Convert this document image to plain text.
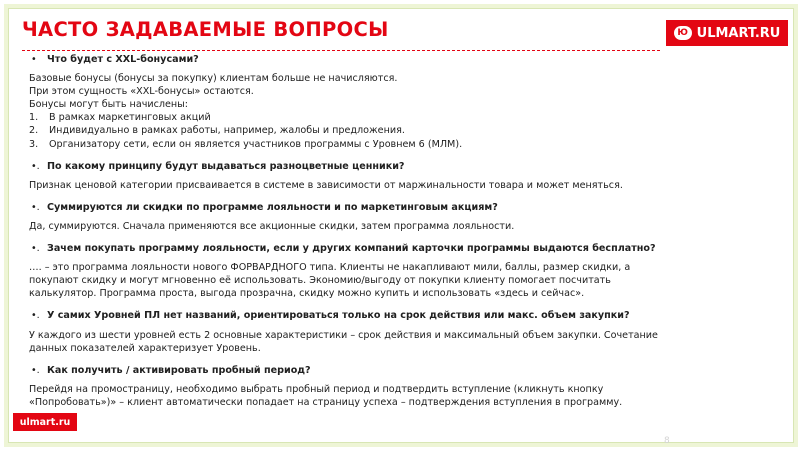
ЧАСТО ЗАДАВАЕМЫЕ ВОПРОСЫ	Ю ULMART.RU
• Что будет с XXL-бонусами?
Базовые бонусы (бонусы за покупку) клиентам больше не начисляются.
При этом сущность «XXL-бонусы» остаются.
Бонусы могут быть начислены:
1. В рамках маркетинговых акций
2. Индивидуально в рамках работы, например, жалобы и предложения.
3. Организатору сети, если он является участников программы с Уровнем 6 (МЛМ).
•. По какому принципу будут выдаваться разноцветные ценники?
Признак ценовой категории присваивается в системе в зависимости от маржинальности товара и может меняться.
•. Суммируются ли скидки по программе лояльности и по маркетинговым акциям?
Да, суммируются. Сначала применяются все акционные скидки, затем программа лояльности.
•. Зачем покупать программу лояльности, если у других компаний карточки программы выдаются бесплатно?
…. – это программа лояльности нового ФОРВАРДНОГО типа. Клиенты не накапливают мили, баллы, размер скидки, а
покупают скидку и могут мгновенно её использовать. Экономию/выгоду от покупки клиенту помогает посчитать
калькулятор. Программа проста, выгода прозрачна, скидку можно купить и использовать «здесь и сейчас».
•. У самих Уровней ПЛ нет названий, ориентироваться только на срок действия или макс. объем закупки?
У каждого из шести уровней есть 2 основные характеристики – срок действия и максимальный объем закупки. Сочетание
данных показателей характеризует Уровень.
•. Как получить / активировать пробный период?
Перейдя на промостраницу, необходимо выбрать пробный период и подтвердить вступление (кликнуть кнопку
«Попробовать»)» – клиент автоматически попадает на страницу успеха – подтверждения вступления в программу.
ulmart.ru
8
